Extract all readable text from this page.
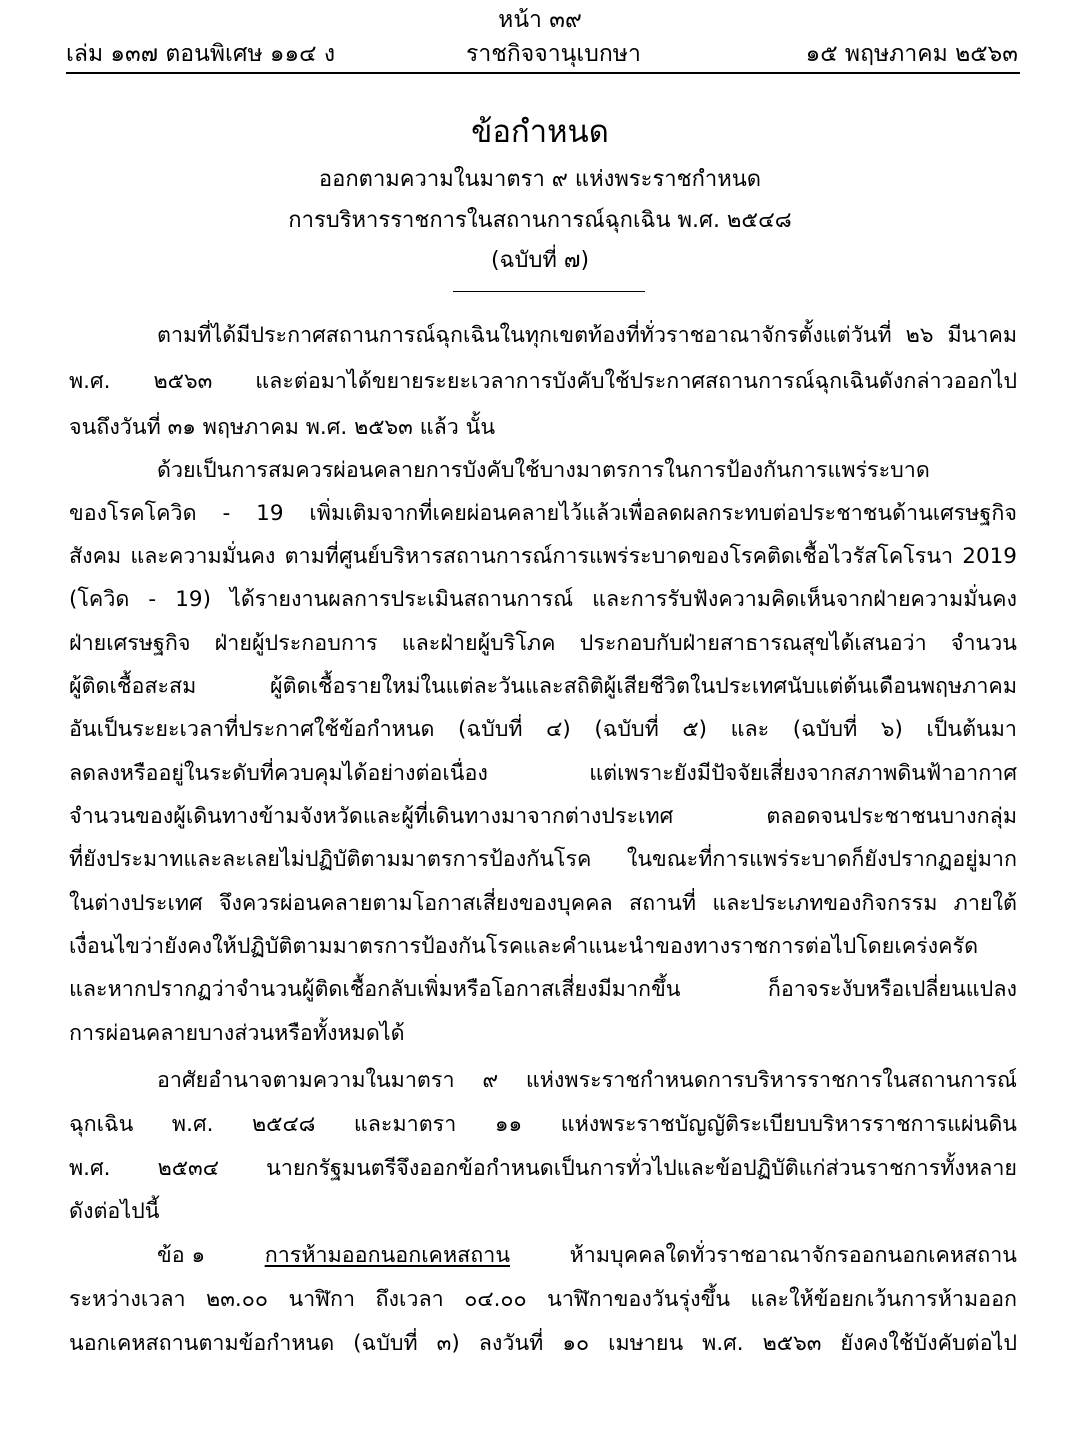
หน้า ๓๙
เล่ม ๑๓๗ ตอนพิเศษ ๑๑๔ ง	ราชกิจจานุเบกษา	๑๕ พฤษภาคม ๒๕๖๓
ข้อกำหนด
ออกตามความในมาตรา ๙ แห่งพระราชกำหนด
การบริหารราชการในสถานการณ์ฉุกเฉิน พ.ศ. ๒๕๔๘
(ฉบับที่ ๗)
ตามที่ได้มีประกาศสถานการณ์ฉุกเฉินในทุกเขตท้องที่ทั่วราชอาณาจักรตั้งแต่วันที่ ๒๖ มีนาคม
พ.ศ. ๒๕๖๓ และต่อมาได้ขยายระยะเวลาการบังคับใช้ประกาศสถานการณ์ฉุกเฉินดังกล่าวออกไป
จนถึงวันที่ ๓๑ พฤษภาคม พ.ศ. ๒๕๖๓ แล้ว นั้น
ด้วยเป็นการสมควรผ่อนคลายการบังคับใช้บางมาตรการในการป้องกันการแพร่ระบาด
ของโรคโควิด - 19 เพิ่มเติมจากที่เคยผ่อนคลายไว้แล้วเพื่อลดผลกระทบต่อประชาชนด้านเศรษฐกิจ
สังคม และความมั่นคง ตามที่ศูนย์บริหารสถานการณ์การแพร่ระบาดของโรคติดเชื้อไวรัสโคโรนา 2019
(โควิด - 19) ได้รายงานผลการประเมินสถานการณ์ และการรับฟังความคิดเห็นจากฝ่ายความมั่นคง
ฝ่ายเศรษฐกิจ ฝ่ายผู้ประกอบการ และฝ่ายผู้บริโภค ประกอบกับฝ่ายสาธารณสุขได้เสนอว่า จำนวน
ผู้ติดเชื้อสะสม ผู้ติดเชื้อรายใหม่ในแต่ละวันและสถิติผู้เสียชีวิตในประเทศนับแต่ต้นเดือนพฤษภาคม
อันเป็นระยะเวลาที่ประกาศใช้ข้อกำหนด (ฉบับที่ ๔) (ฉบับที่ ๕) และ (ฉบับที่ ๖) เป็นต้นมา
ลดลงหรืออยู่ในระดับที่ควบคุมได้อย่างต่อเนื่อง แต่เพราะยังมีปัจจัยเสี่ยงจากสภาพดินฟ้าอากาศ
จำนวนของผู้เดินทางข้ามจังหวัดและผู้ที่เดินทางมาจากต่างประเทศ ตลอดจนประชาชนบางกลุ่ม
ที่ยังประมาทและละเลยไม่ปฏิบัติตามมาตรการป้องกันโรค ในขณะที่การแพร่ระบาดก็ยังปรากฏอยู่มาก
ในต่างประเทศ จึงควรผ่อนคลายตามโอกาสเสี่ยงของบุคคล สถานที่ และประเภทของกิจกรรม ภายใต้
เงื่อนไขว่ายังคงให้ปฏิบัติตามมาตรการป้องกันโรคและคำแนะนำของทางราชการต่อไปโดยเคร่งครัด
และหากปรากฏว่าจำนวนผู้ติดเชื้อกลับเพิ่มหรือโอกาสเสี่ยงมีมากขึ้น ก็อาจระงับหรือเปลี่ยนแปลง
การผ่อนคลายบางส่วนหรือทั้งหมดได้
อาศัยอำนาจตามความในมาตรา ๙ แห่งพระราชกำหนดการบริหารราชการในสถานการณ์
ฉุกเฉิน พ.ศ. ๒๕๔๘ และมาตรา ๑๑ แห่งพระราชบัญญัติระเบียบบริหารราชการแผ่นดิน
พ.ศ. ๒๕๓๔ นายกรัฐมนตรีจึงออกข้อกำหนดเป็นการทั่วไปและข้อปฏิบัติแก่ส่วนราชการทั้งหลาย
ดังต่อไปนี้
ข้อ ๑	การห้ามออกนอกเคหสถาน	ห้ามบุคคลใดทั่วราชอาณาจักรออกนอกเคหสถาน
ระหว่างเวลา ๒๓.๐๐ นาฬิกา ถึงเวลา ๐๔.๐๐ นาฬิกาของวันรุ่งขึ้น และให้ข้อยกเว้นการห้ามออก
นอกเคหสถานตามข้อกำหนด (ฉบับที่ ๓) ลงวันที่ ๑๐ เมษายน พ.ศ. ๒๕๖๓ ยังคงใช้บังคับต่อไป
